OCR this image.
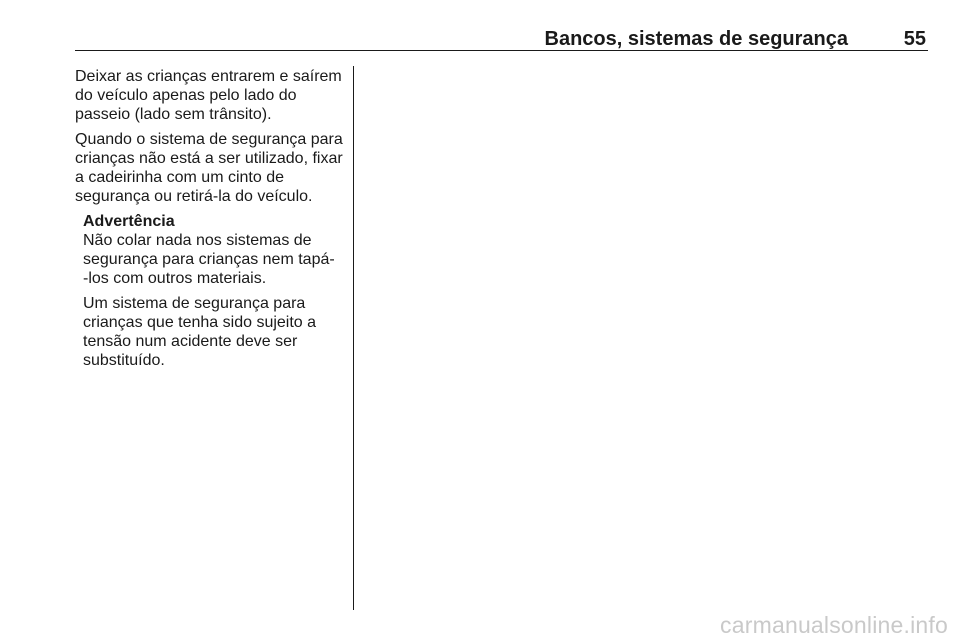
Bancos, sistemas de segurança	55

Deixar as crianças entrarem e saírem
do veículo apenas pelo lado do
passeio (lado sem trânsito).

Quando o sistema de segurança para
crianças não está a ser utilizado, fixar
a cadeirinha com um cinto de
segurança ou retirá-la do veículo.

Advertência

Não colar nada nos sistemas de
segurança para crianças nem tapá-
-los com outros materiais.

Um sistema de segurança para
crianças que tenha sido sujeito a
tensão num acidente deve ser
substituído.

carmanualsonline.info
